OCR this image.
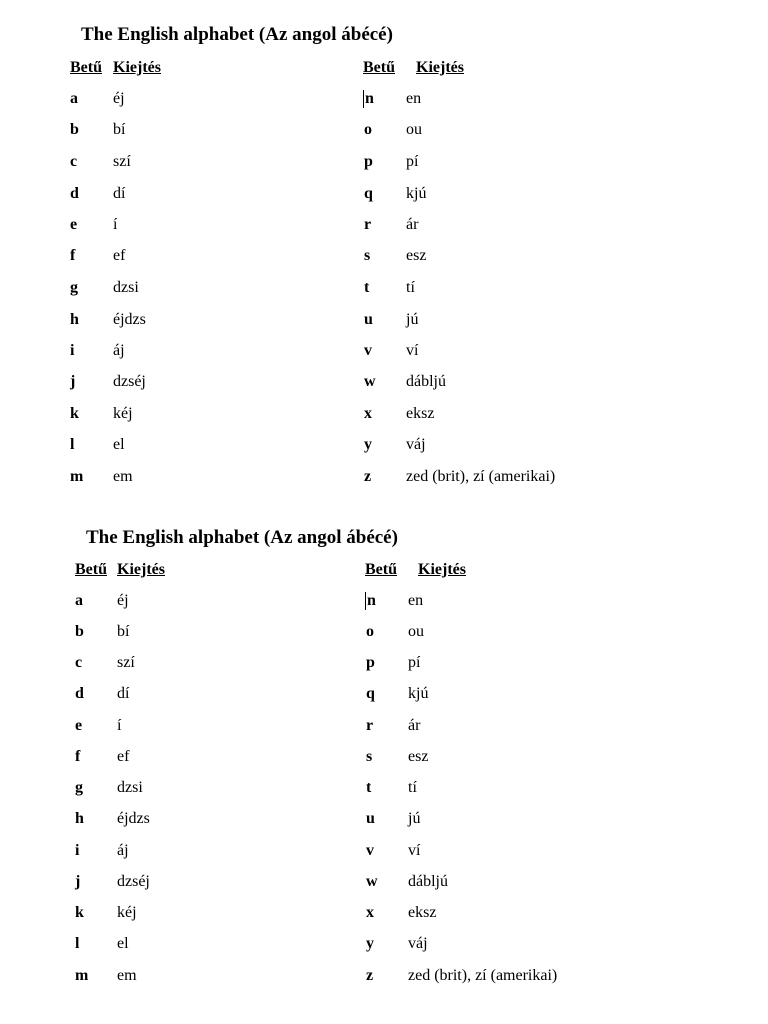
The English alphabet (Az angol ábécé)
Betű Kiejtés	Betű Kiejtés
a éj
b bí
c szí
d dí
e í
f ef
g dzsi
h éjdzs
i áj
j dzséj
k kéj
l el
m em
n en
o ou
p pí
q kjú
r ár
s esz
t tí
u jú
v ví
w dábljú
x eksz
y váj
z zed (brit), zí (amerikai)
The English alphabet (Az angol ábécé)
Betű Kiejtés	Betű Kiejtés
a éj
b bí
c szí
d dí
e í
f ef
g dzsi
h éjdzs
i áj
j dzséj
k kéj
l el
m em
n en
o ou
p pí
q kjú
r ár
s esz
t tí
u jú
v ví
w dábljú
x eksz
y váj
z zed (brit), zí (amerikai)
